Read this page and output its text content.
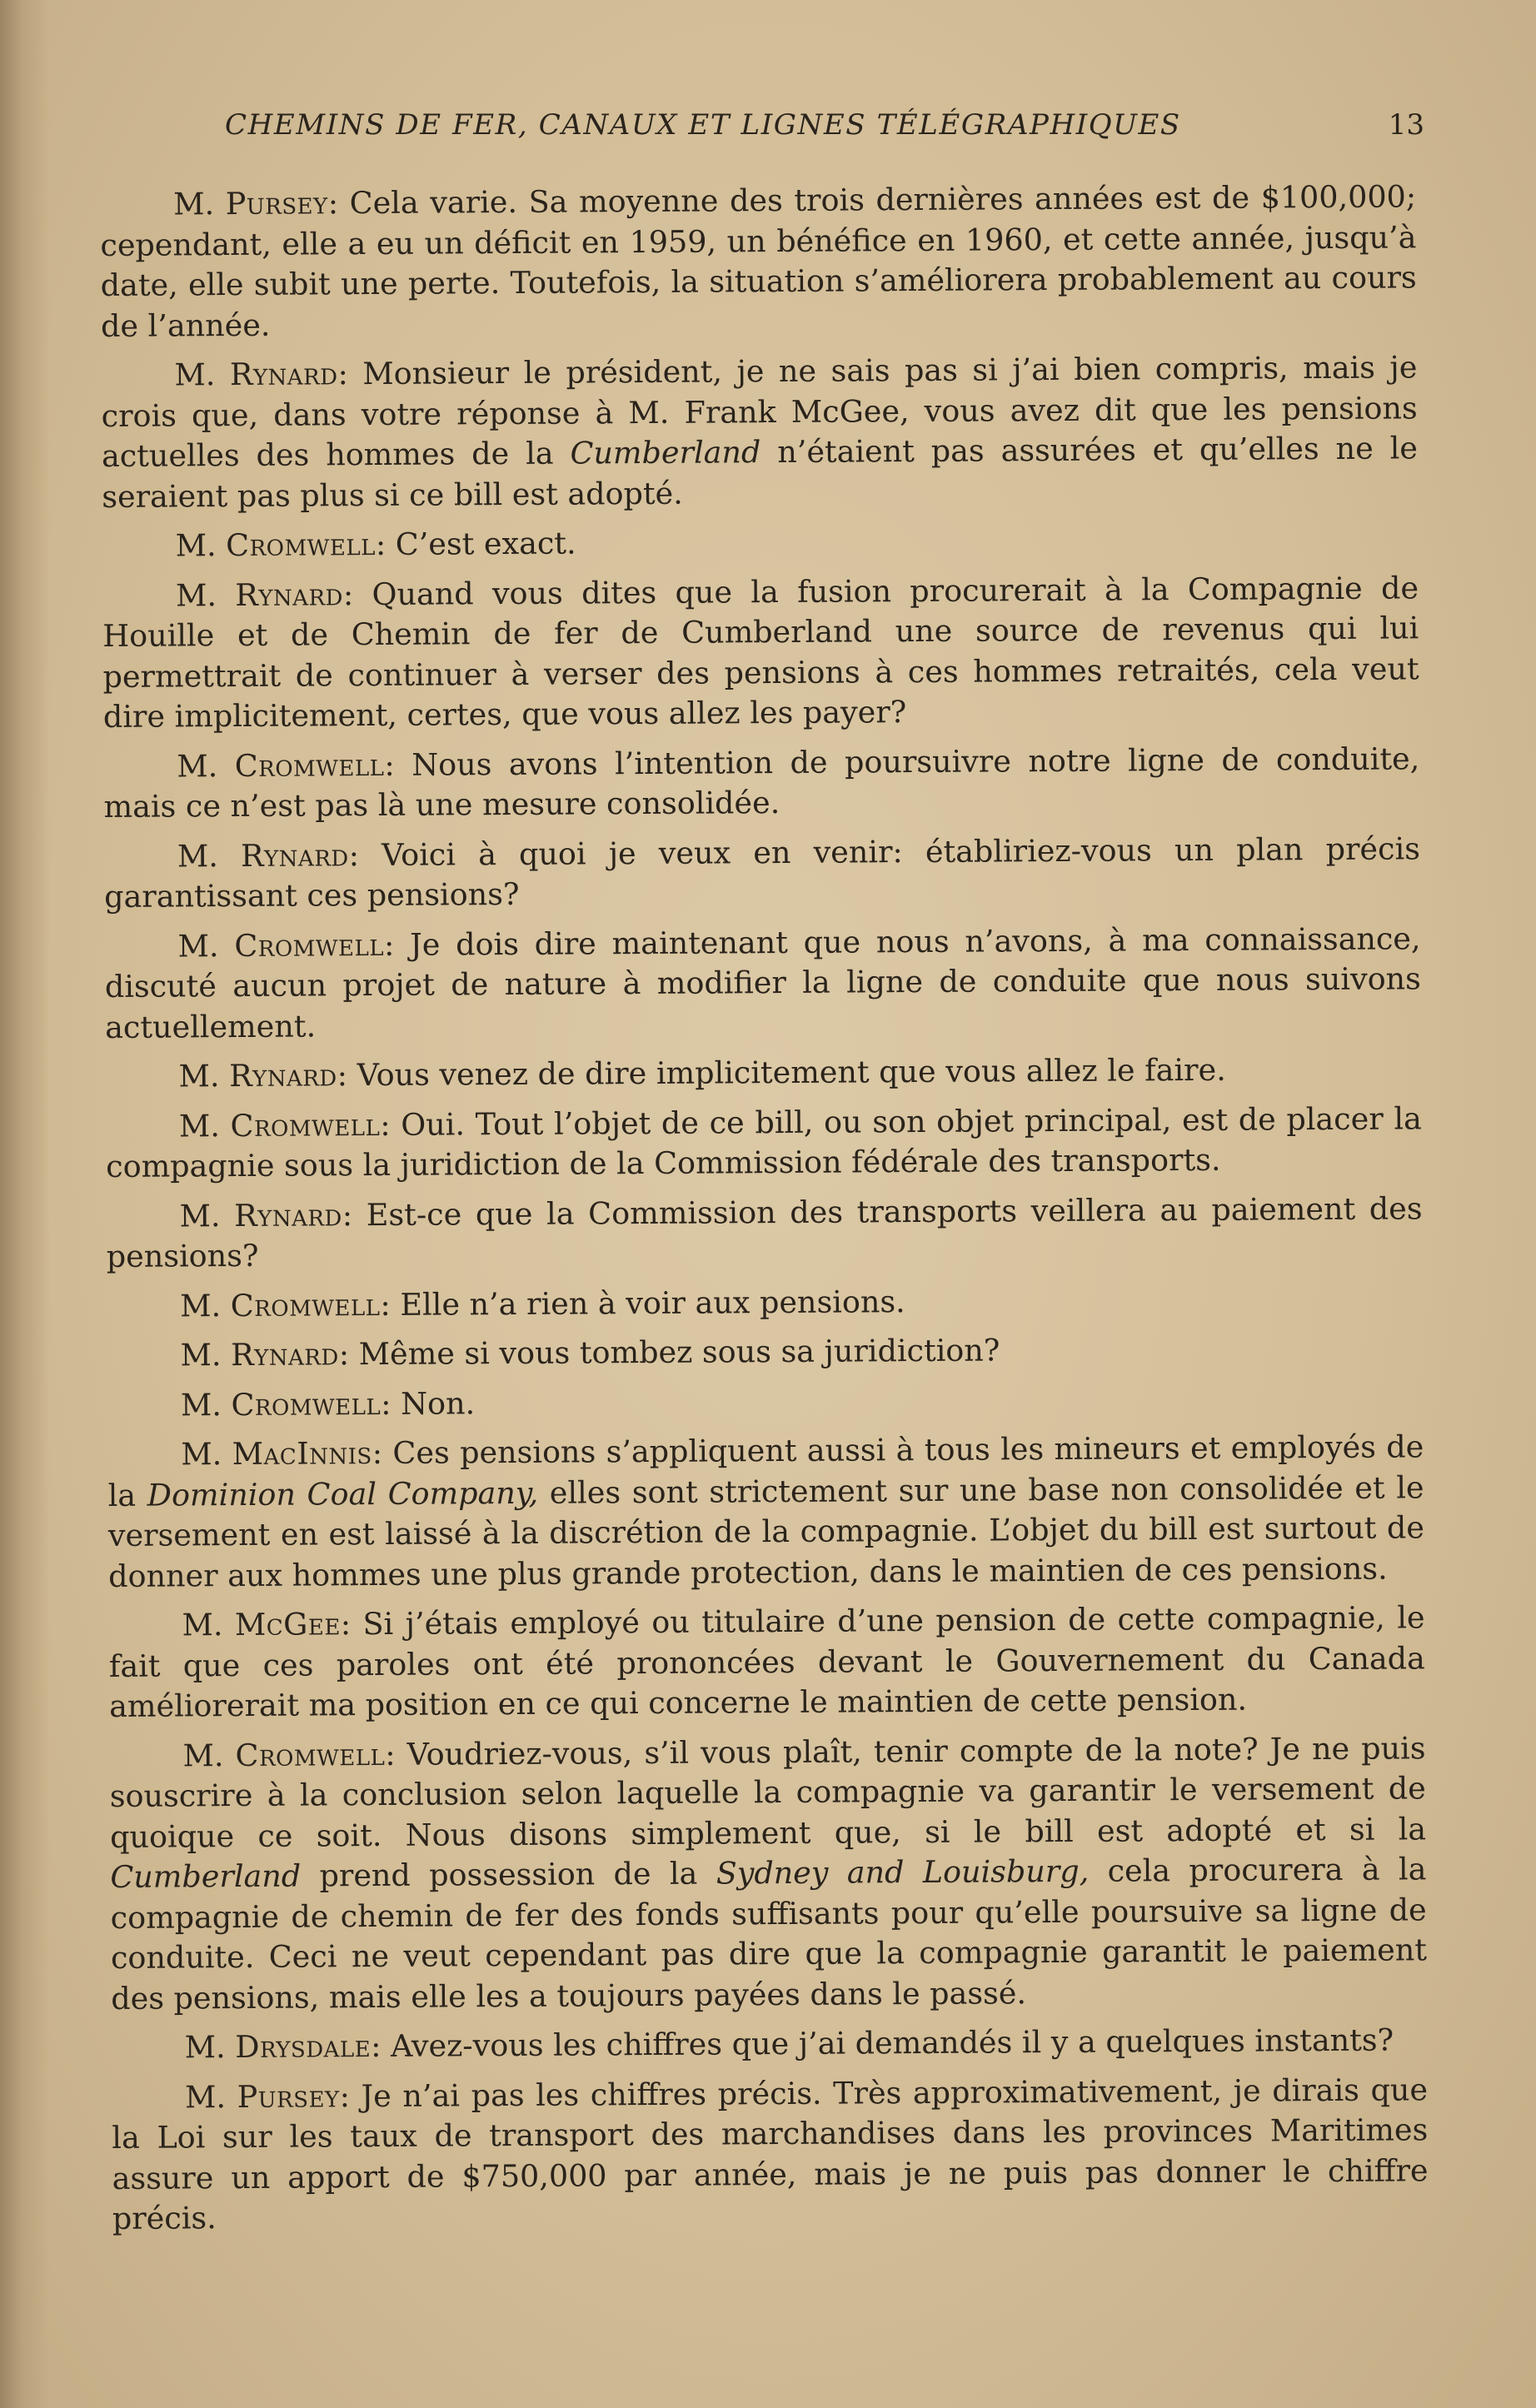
CHEMINS DE FER, CANAUX ET LIGNES TÉLÉGRAPHIQUES	13

M. Pursey: Cela varie. Sa moyenne des trois dernières années est de $100,000; cependant, elle a eu un déficit en 1959, un bénéfice en 1960, et cette année, jusqu’à date, elle subit une perte. Toutefois, la situation s’améliorera probablement au cours de l’année.

M. Rynard: Monsieur le président, je ne sais pas si j’ai bien compris, mais je crois que, dans votre réponse à M. Frank McGee, vous avez dit que les pensions actuelles des hommes de la Cumberland n’étaient pas assurées et qu’elles ne le seraient pas plus si ce bill est adopté.

M. Cromwell: C’est exact.

M. Rynard: Quand vous dites que la fusion procurerait à la Compagnie de Houille et de Chemin de fer de Cumberland une source de revenus qui lui permettrait de continuer à verser des pensions à ces hommes retraités, cela veut dire implicitement, certes, que vous allez les payer?

M. Cromwell: Nous avons l’intention de poursuivre notre ligne de conduite, mais ce n’est pas là une mesure consolidée.

M. Rynard: Voici à quoi je veux en venir: établiriez-vous un plan précis garantissant ces pensions?

M. Cromwell: Je dois dire maintenant que nous n’avons, à ma connaissance, discuté aucun projet de nature à modifier la ligne de conduite que nous suivons actuellement.

M. Rynard: Vous venez de dire implicitement que vous allez le faire.

M. Cromwell: Oui. Tout l’objet de ce bill, ou son objet principal, est de placer la compagnie sous la juridiction de la Commission fédérale des transports.

M. Rynard: Est-ce que la Commission des transports veillera au paiement des pensions?

M. Cromwell: Elle n’a rien à voir aux pensions.

M. Rynard: Même si vous tombez sous sa juridiction?

M. Cromwell: Non.

M. MacInnis: Ces pensions s’appliquent aussi à tous les mineurs et employés de la Dominion Coal Company, elles sont strictement sur une base non consolidée et le versement en est laissé à la discrétion de la compagnie. L’objet du bill est surtout de donner aux hommes une plus grande protection, dans le maintien de ces pensions.

M. McGee: Si j’étais employé ou titulaire d’une pension de cette compagnie, le fait que ces paroles ont été prononcées devant le Gouvernement du Canada améliorerait ma position en ce qui concerne le maintien de cette pension.

M. Cromwell: Voudriez-vous, s’il vous plaît, tenir compte de la note? Je ne puis souscrire à la conclusion selon laquelle la compagnie va garantir le versement de quoique ce soit. Nous disons simplement que, si le bill est adopté et si la Cumberland prend possession de la Sydney and Louisburg, cela procurera à la compagnie de chemin de fer des fonds suffisants pour qu’elle poursuive sa ligne de conduite. Ceci ne veut cependant pas dire que la compagnie garantit le paiement des pensions, mais elle les a toujours payées dans le passé.

M. Drysdale: Avez-vous les chiffres que j’ai demandés il y a quelques instants?

M. Pursey: Je n’ai pas les chiffres précis. Très approximativement, je dirais que la Loi sur les taux de transport des marchandises dans les provinces Maritimes assure un apport de $750,000 par année, mais je ne puis pas donner le chiffre précis.
